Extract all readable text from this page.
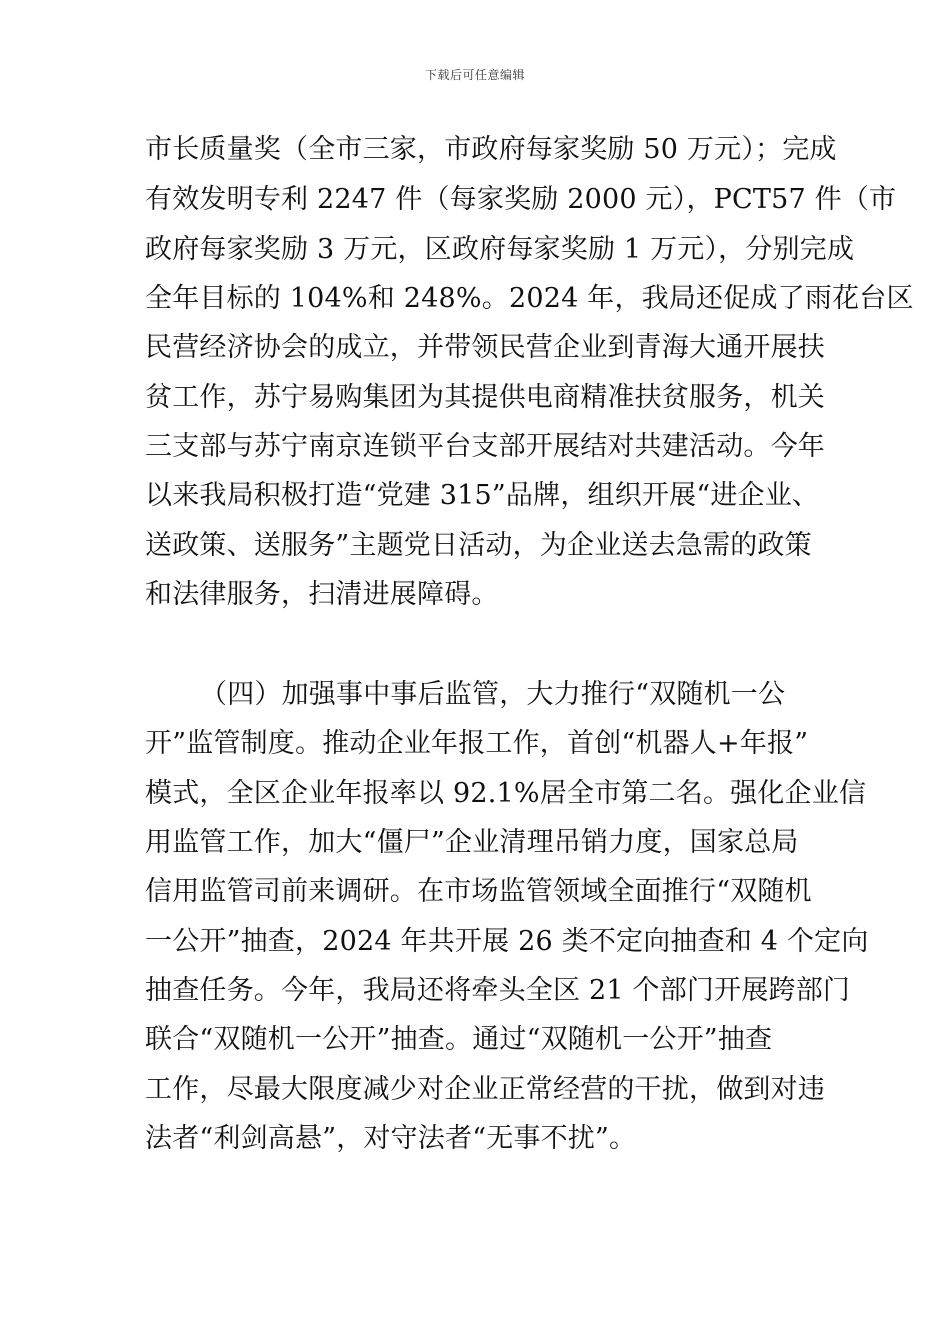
下载后可任意编辑
市长质量奖（全市三家，市政府每家奖励 50 万元）；完成
有效发明专利 2247 件（每家奖励 2000 元），PCT57 件（市
政府每家奖励 3 万元，区政府每家奖励 1 万元），分别完成
全年目标的 104%和 248%。2024 年，我局还促成了雨花台区
民营经济协会的成立，并带领民营企业到青海大通开展扶
贫工作，苏宁易购集团为其提供电商精准扶贫服务，机关
三支部与苏宁南京连锁平台支部开展结对共建活动。今年
以来我局积极打造“党建 315”品牌，组织开展“进企业、
送政策、送服务”主题党日活动，为企业送去急需的政策
和法律服务，扫清进展障碍。
（四）加强事中事后监管，大力推行“双随机一公
开”监管制度。推动企业年报工作，首创“机器人+年报”
模式，全区企业年报率以 92.1%居全市第二名。强化企业信
用监管工作，加大“僵尸”企业清理吊销力度，国家总局
信用监管司前来调研。在市场监管领域全面推行“双随机
一公开”抽查，2024 年共开展 26 类不定向抽查和 4 个定向
抽查任务。今年，我局还将牵头全区 21 个部门开展跨部门
联合“双随机一公开”抽查。通过“双随机一公开”抽查
工作，尽最大限度减少对企业正常经营的干扰，做到对违
法者“利剑高悬”，对守法者“无事不扰”。
